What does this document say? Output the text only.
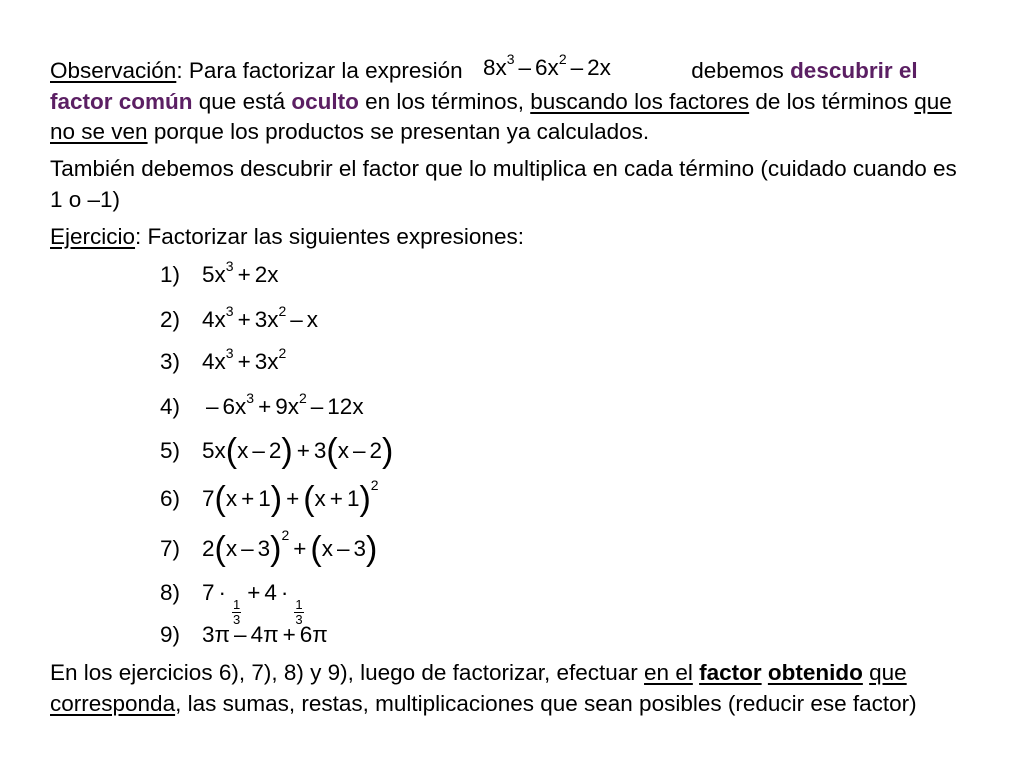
Observación: Para factorizar la expresión $8x^3 - 6x^2 - 2x$	debemos descubrir el factor común que está oculto en los términos, buscando los factores de los términos que no se ven porque los productos se presentan ya calculados.
También debemos descubrir el factor que lo multiplica en cada término (cuidado cuando es 1 o –1)
Ejercicio: Factorizar las siguientes expresiones:
1) $5x^3 + 2x$
2) $4x^3 + 3x^2 - x$
3) $4x^3 + 3x^2$
$4) - 6x^3 + 9x^2 - 12x$
5) 5x(x – 2) + 3(x – 2)
6) $7(x + 1) + (x + 1)^2$
7) 2(x – 3)$^2$+ (x – 3)
8) 7 ·
$\frac{1}{3}$
+ 4 ·
$\frac{1}{3}$
9) 3π – 4π + 6π
En los ejercicios 6), 7), 8) y 9), luego de factorizar, efectuar en el factor obtenido que corresponda, las sumas, restas, multiplicaciones que sean posibles (reducir ese factor)
